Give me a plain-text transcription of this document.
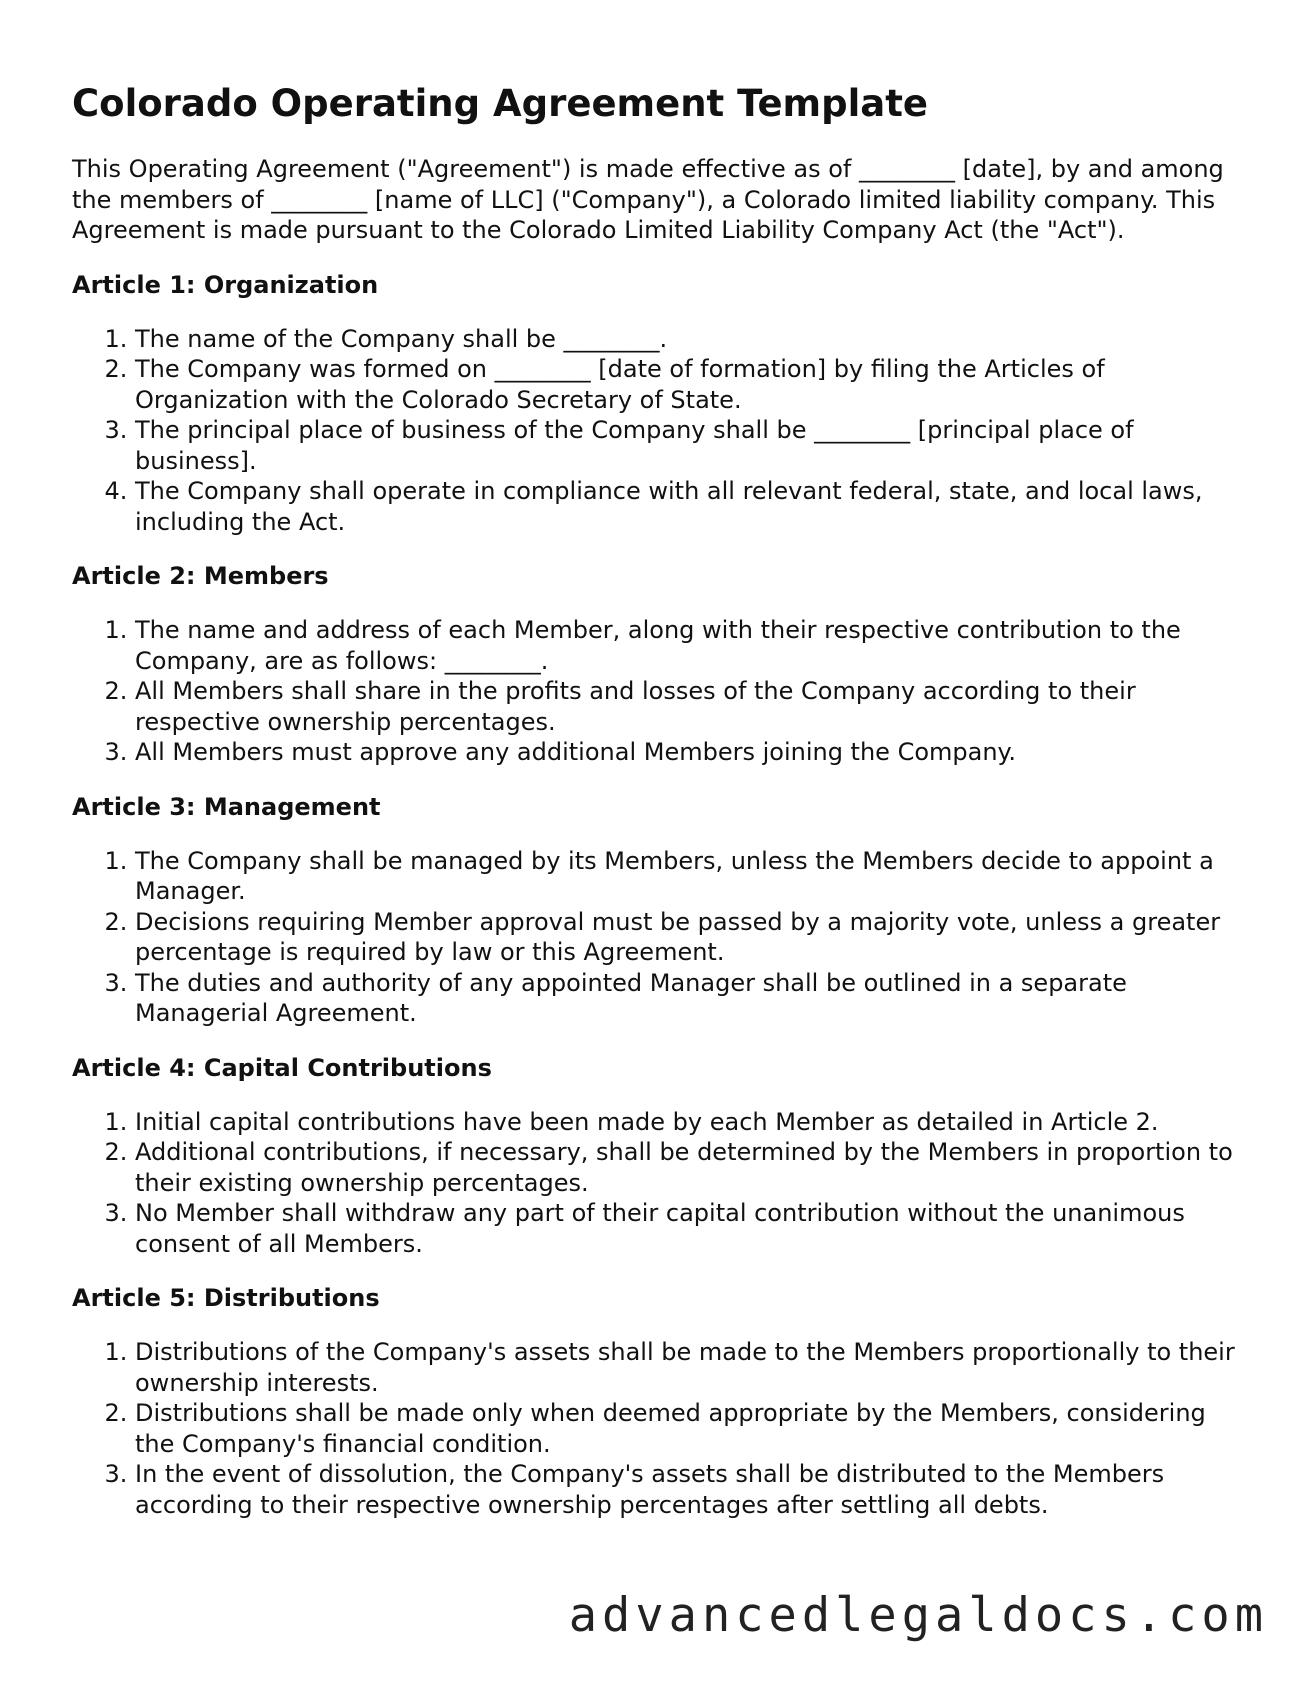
Colorado Operating Agreement Template

This Operating Agreement ("Agreement") is made effective as of ________ [date], by and among the members of ________ [name of LLC] ("Company"), a Colorado limited liability company. This Agreement is made pursuant to the Colorado Limited Liability Company Act (the "Act").

Article 1: Organization
1. The name of the Company shall be ________.
2. The Company was formed on ________ [date of formation] by filing the Articles of Organization with the Colorado Secretary of State.
3. The principal place of business of the Company shall be ________ [principal place of business].
4. The Company shall operate in compliance with all relevant federal, state, and local laws, including the Act.
Article 2: Members
1. The name and address of each Member, along with their respective contribution to the Company, are as follows: ________.
2. All Members shall share in the profits and losses of the Company according to their respective ownership percentages.
3. All Members must approve any additional Members joining the Company.
Article 3: Management
1. The Company shall be managed by its Members, unless the Members decide to appoint a Manager.
2. Decisions requiring Member approval must be passed by a majority vote, unless a greater percentage is required by law or this Agreement.
3. The duties and authority of any appointed Manager shall be outlined in a separate Managerial Agreement.
Article 4: Capital Contributions
1. Initial capital contributions have been made by each Member as detailed in Article 2.
2. Additional contributions, if necessary, shall be determined by the Members in proportion to their existing ownership percentages.
3. No Member shall withdraw any part of their capital contribution without the unanimous consent of all Members.
Article 5: Distributions
1. Distributions of the Company's assets shall be made to the Members proportionally to their ownership interests.
2. Distributions shall be made only when deemed appropriate by the Members, considering the Company's financial condition.
3. In the event of dissolution, the Company's assets shall be distributed to the Members according to their respective ownership percentages after settling all debts.
advancedlegaldocs.com
